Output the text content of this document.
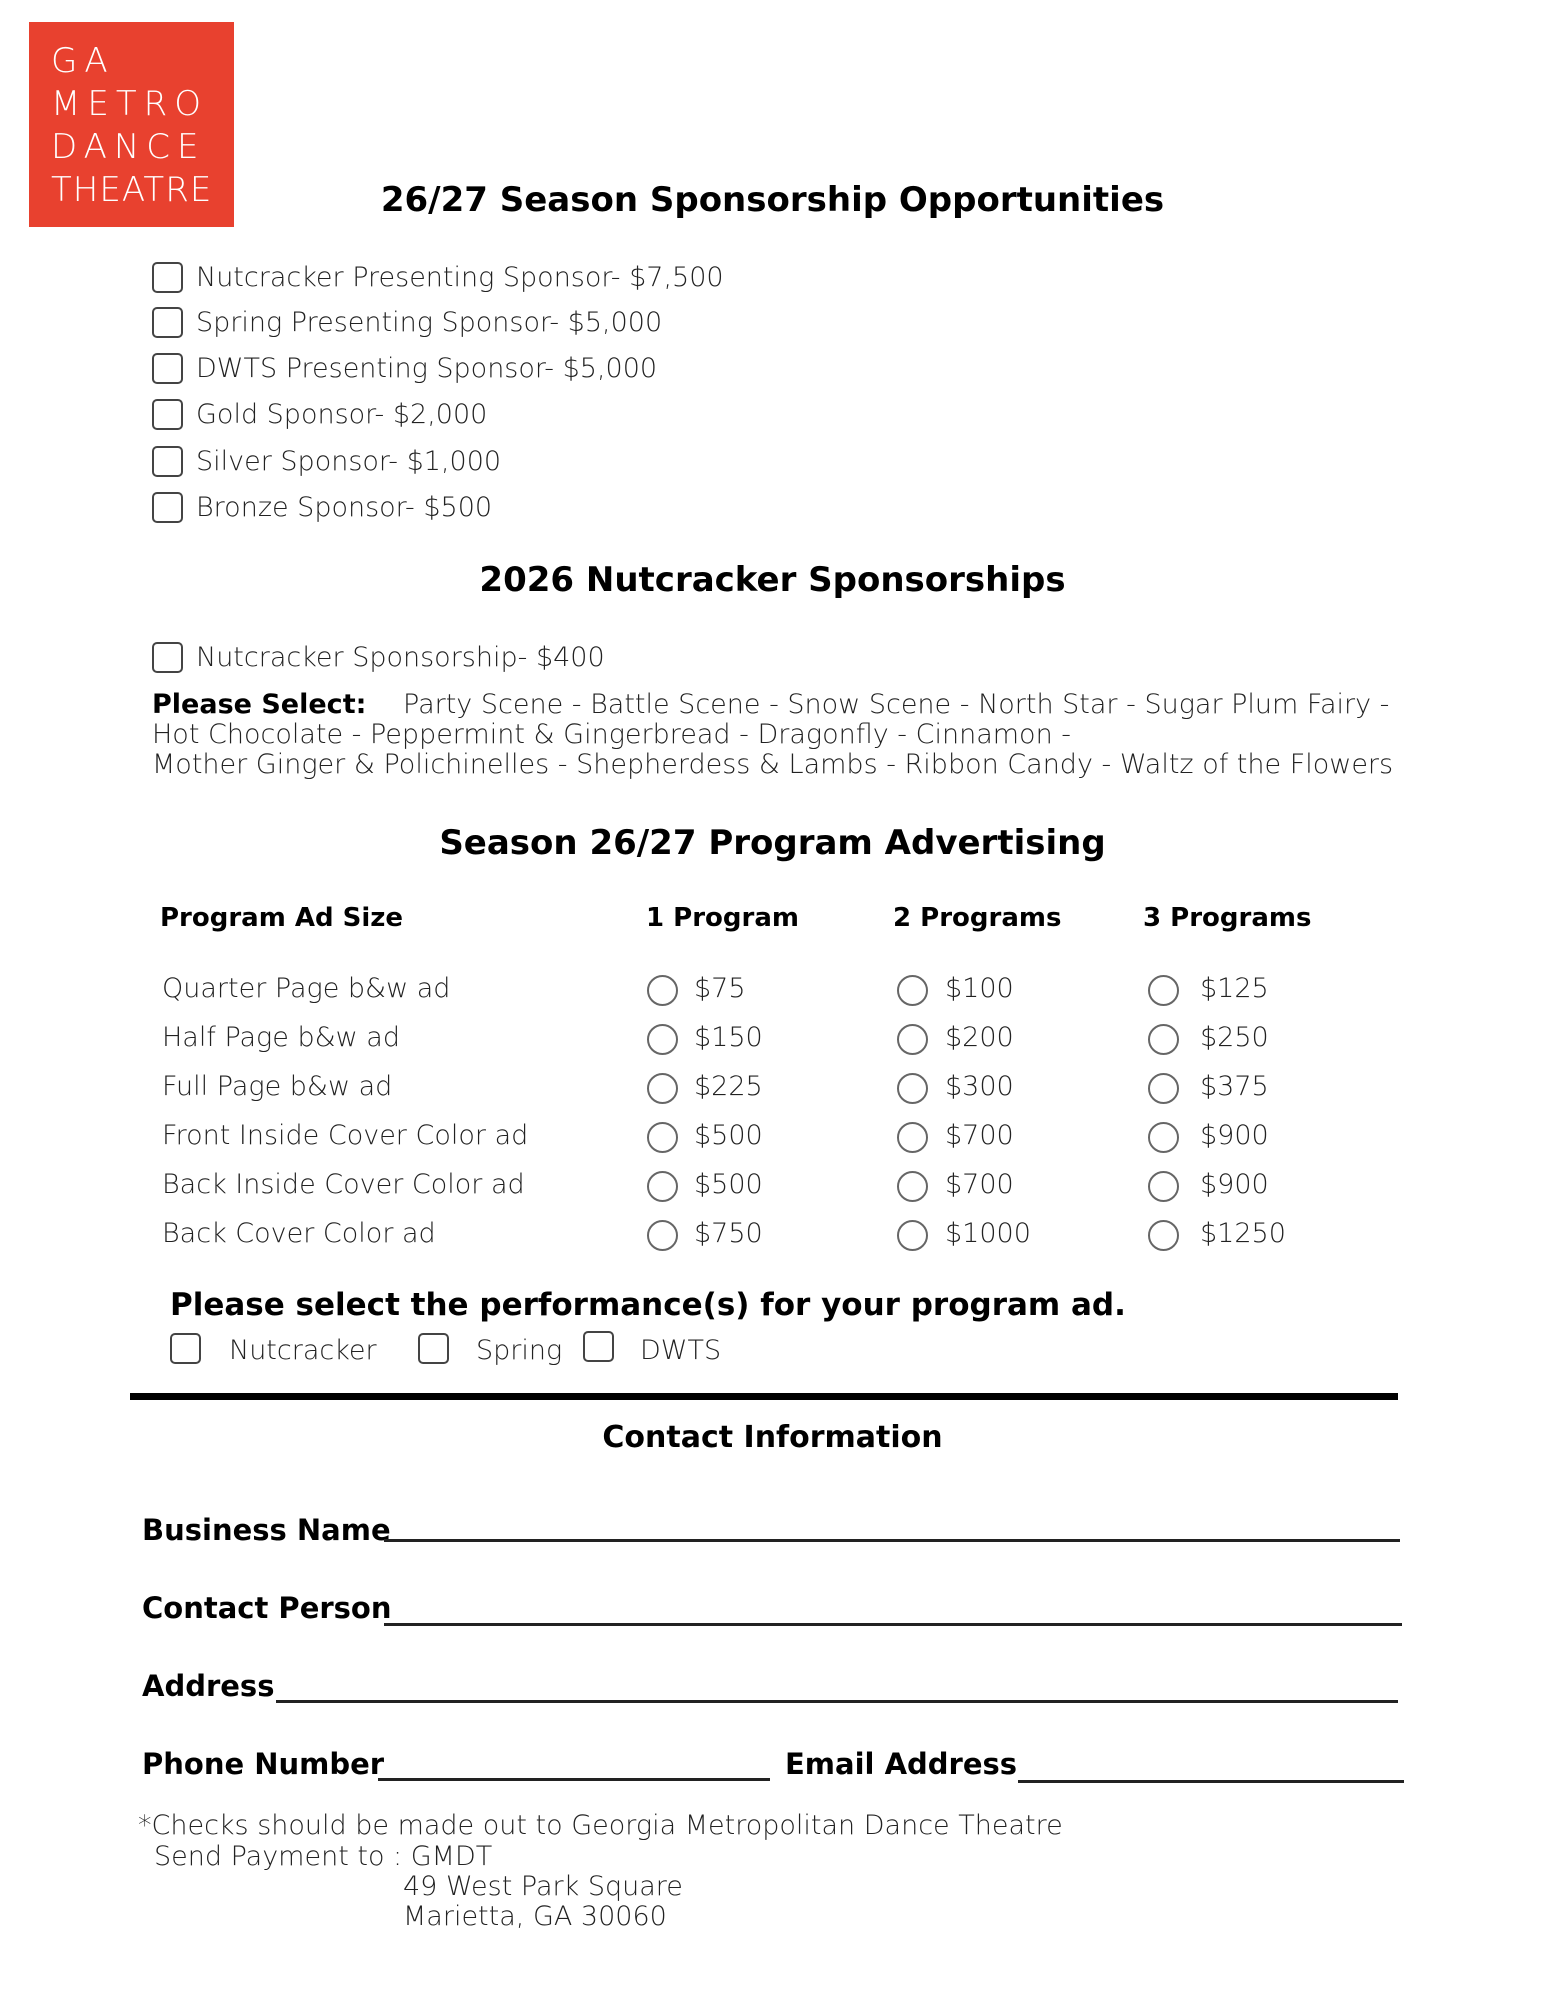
GA
METRO
DANCE
THEATRE	26/27 Season Sponsorship Opportunities
Nutcracker Presenting Sponsor- $7,500
Spring Presenting Sponsor- $5,000
DWTS Presenting Sponsor- $5,000
Gold Sponsor- $2,000
Silver Sponsor- $1,000
Bronze Sponsor- $500
2026 Nutcracker Sponsorships
Nutcracker Sponsorship- $400
Please Select: Party Scene - Battle Scene - Snow Scene - North Star - Sugar Plum Fairy -
Hot Chocolate - Peppermint & Gingerbread - Dragonfly - Cinnamon -
Mother Ginger & Polichinelles - Shepherdess & Lambs - Ribbon Candy - Waltz of the Flowers
Season 26/27 Program Advertising
Program Ad Size	1 Program	2 Programs	3 Programs
Quarter Page b&w ad	$75	$100	$125
Half Page b&w ad	$150	$200	$250
Full Page b&w ad	$225	$300	$375
Front Inside Cover Color ad	$500	$700	$900
Back Inside Cover Color ad	$500	$700	$900
Back Cover Color ad	$750	$1000	$1250
Please select the performance(s) for your program ad.
Nutcracker	Spring	DWTS
Contact Information
Business Name
Contact Person
Address
Phone Number	Email Address
*Checks should be made out to Georgia Metropolitan Dance Theatre
Send Payment to : GMDT
49 West Park Square
Marietta, GA 30060
